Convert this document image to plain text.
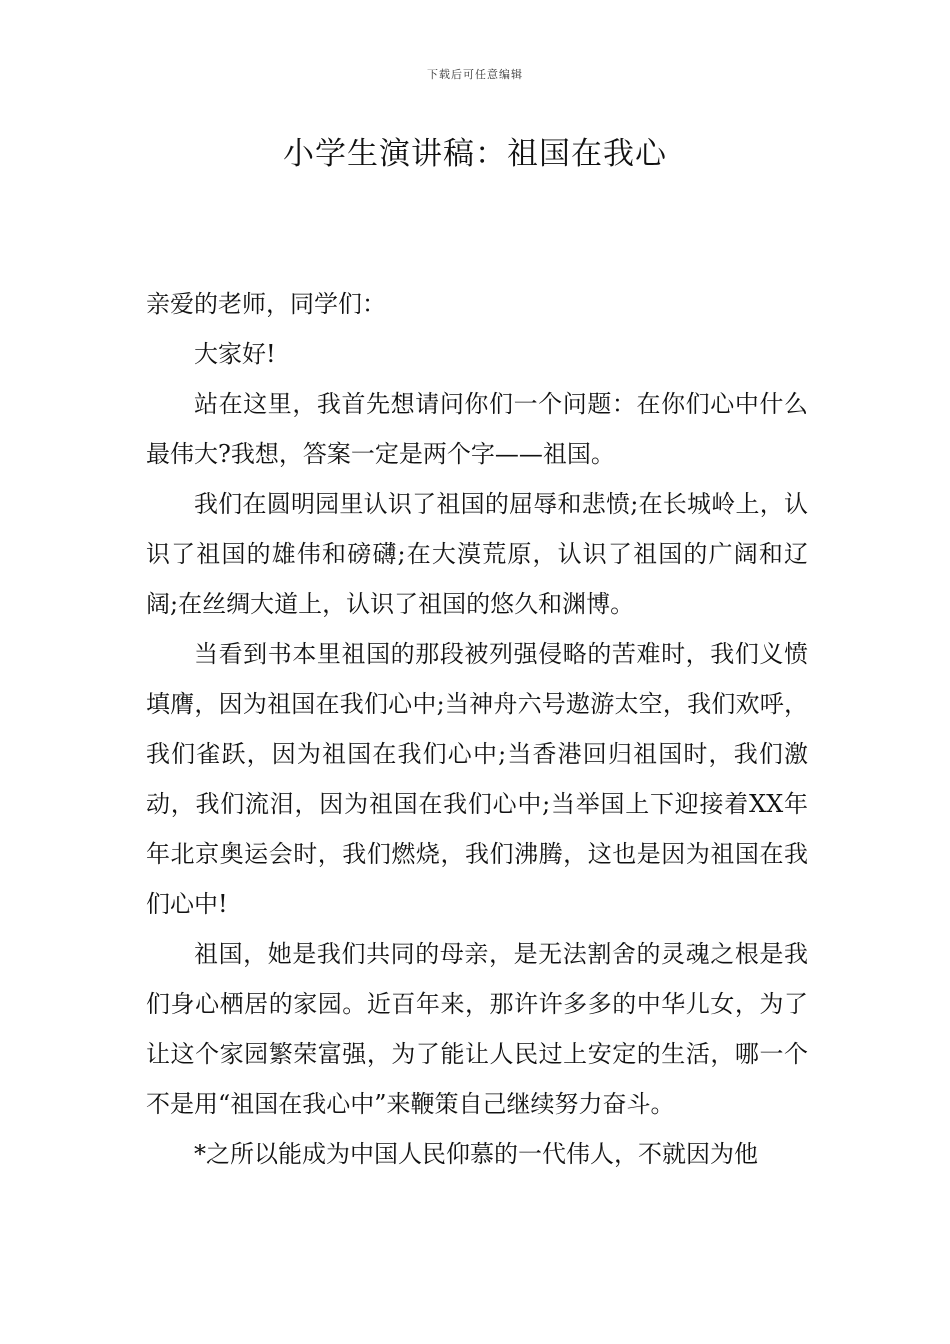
下载后可任意编辑
小学生演讲稿：祖国在我心

亲爱的老师，同学们：

大家好!

站在这里，我首先想请问你们一个问题：在你们心中什么最伟大?我想，答案一定是两个字——祖国。

我们在圆明园里认识了祖国的屈辱和悲愤;在长城岭上，认识了祖国的雄伟和磅礴;在大漠荒原，认识了祖国的广阔和辽阔;在丝绸大道上，认识了祖国的悠久和渊博。

当看到书本里祖国的那段被列强侵略的苦难时，我们义愤填膺，因为祖国在我们心中;当神舟六号遨游太空，我们欢呼，我们雀跃，因为祖国在我们心中;当香港回归祖国时，我们激动，我们流泪，因为祖国在我们心中;当举国上下迎接着XX年年北京奥运会时，我们燃烧，我们沸腾，这也是因为祖国在我们心中!

祖国，她是我们共同的母亲，是无法割舍的灵魂之根是我们身心栖居的家园。近百年来，那许许多多的中华儿女，为了让这个家园繁荣富强，为了能让人民过上安定的生活，哪一个不是用“祖国在我心中”来鞭策自己继续努力奋斗。

*之所以能成为中国人民仰慕的一代伟人，不就因为他
